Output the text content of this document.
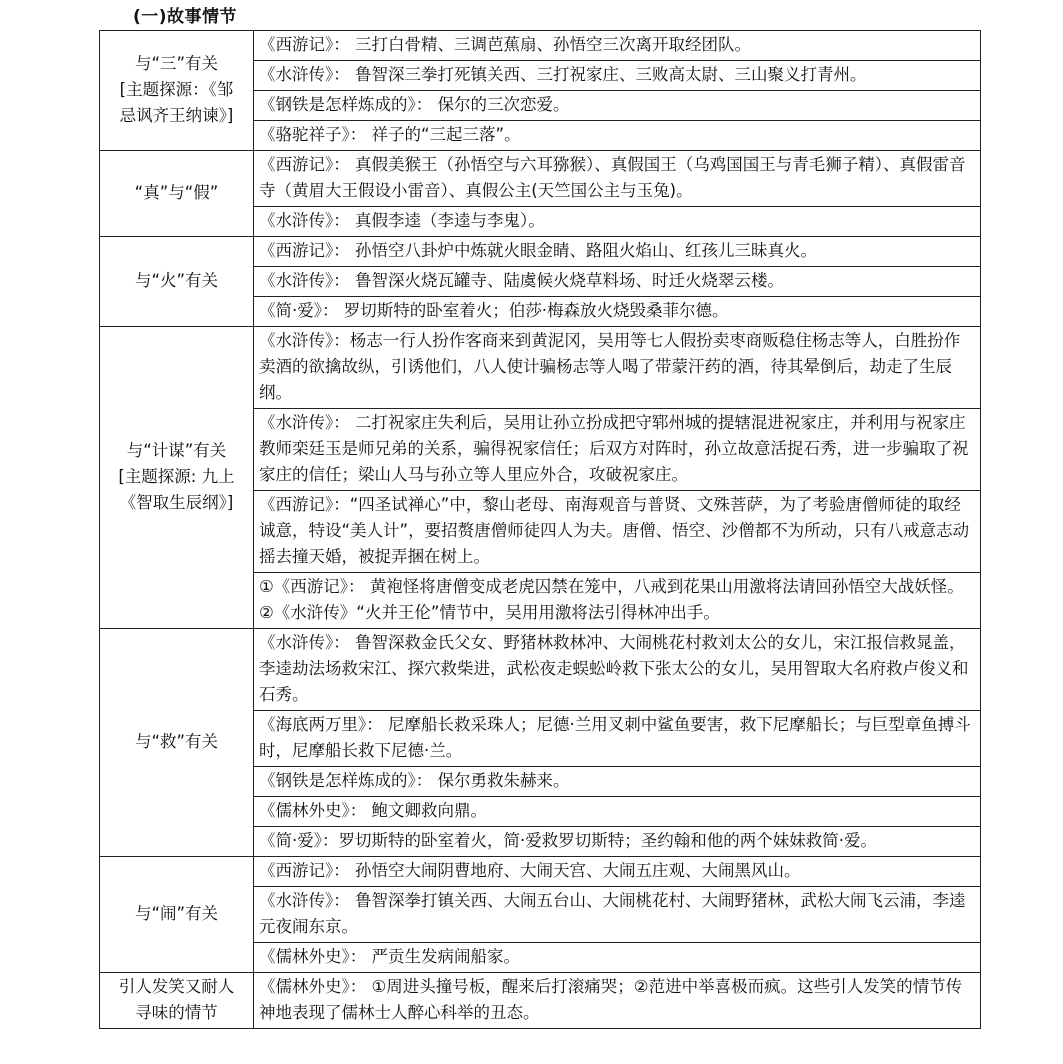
(一)故事情节
与“三”有关
[主题探源：《邹
忌讽齐王纳谏》]	《西游记》： 三打白骨精、三调芭蕉扇、孙悟空三次离开取经团队。
	《水浒传》： 鲁智深三拳打死镇关西、三打祝家庄、三败高太尉、三山聚义打青州。
	《钢铁是怎样炼成的》： 保尔的三次恋爱。
	《骆驼祥子》： 祥子的“三起三落”。

“真”与“假”	《西游记》： 真假美猴王（孙悟空与六耳猕猴）、真假国王（乌鸡国国王与青毛狮子精）、真假雷音寺（黄眉大王假设小雷音）、真假公主(天竺国公主与玉兔)。
	《水浒传》： 真假李逵（李逵与李鬼）。

与“火”有关	《西游记》： 孙悟空八卦炉中炼就火眼金睛、路阻火焰山、红孩儿三昧真火。
	《水浒传》： 鲁智深火烧瓦罐寺、陆虞候火烧草料场、时迁火烧翠云楼。
	《简·爱》： 罗切斯特的卧室着火；伯莎·梅森放火烧毁桑菲尔德。

与“计谋”有关
[主题探源: 九上
《智取生辰纲》]	《水浒传》：杨志一行人扮作客商来到黄泥冈，吴用等七人假扮卖枣商贩稳住杨志等人，白胜扮作卖酒的欲擒故纵，引诱他们，八人使计骗杨志等人喝了带蒙汗药的酒，待其晕倒后，劫走了生辰纲。
	《水浒传》： 二打祝家庄失利后，吴用让孙立扮成把守郓州城的提辖混进祝家庄，并利用与祝家庄教师栾廷玉是师兄弟的关系，骗得祝家信任；后双方对阵时，孙立故意活捉石秀，进一步骗取了祝家庄的信任；梁山人马与孙立等人里应外合，攻破祝家庄。
	《西游记》：“四圣试禅心”中，黎山老母、南海观音与普贤、文殊菩萨，为了考验唐僧师徒的取经诚意，特设“美人计”，要招赘唐僧师徒四人为夫。唐僧、悟空、沙僧都不为所动，只有八戒意志动摇去撞天婚，被捉弄捆在树上。
	①《西游记》： 黄袍怪将唐僧变成老虎囚禁在笼中，八戒到花果山用激将法请回孙悟空大战妖怪。②《水浒传》“火并王伦”情节中，吴用用激将法引得林冲出手。

与“救”有关	《水浒传》： 鲁智深救金氏父女、野猪林救林冲、大闹桃花村救刘太公的女儿，宋江报信救晁盖，李逵劫法场救宋江、探穴救柴进，武松夜走蜈蚣岭救下张太公的女儿，吴用智取大名府救卢俊义和石秀。
	《海底两万里》： 尼摩船长救采珠人；尼德·兰用叉刺中鲨鱼要害，救下尼摩船长；与巨型章鱼搏斗时，尼摩船长救下尼德·兰。
	《钢铁是怎样炼成的》： 保尔勇救朱赫来。
	《儒林外史》： 鲍文卿救向鼎。
	《简·爱》：罗切斯特的卧室着火，简·爱救罗切斯特；圣约翰和他的两个妹妹救简·爱。

与“闹”有关	《西游记》： 孙悟空大闹阴曹地府、大闹天宫、大闹五庄观、大闹黑风山。
	《水浒传》： 鲁智深拳打镇关西、大闹五台山、大闹桃花村、大闹野猪林，武松大闹飞云浦，李逵元夜闹东京。
	《儒林外史》： 严贡生发病闹船家。

引人发笑又耐人
寻味的情节	《儒林外史》： ①周进头撞号板，醒来后打滚痛哭；②范进中举喜极而疯。这些引人发笑的情节传神地表现了儒林士人醉心科举的丑态。
